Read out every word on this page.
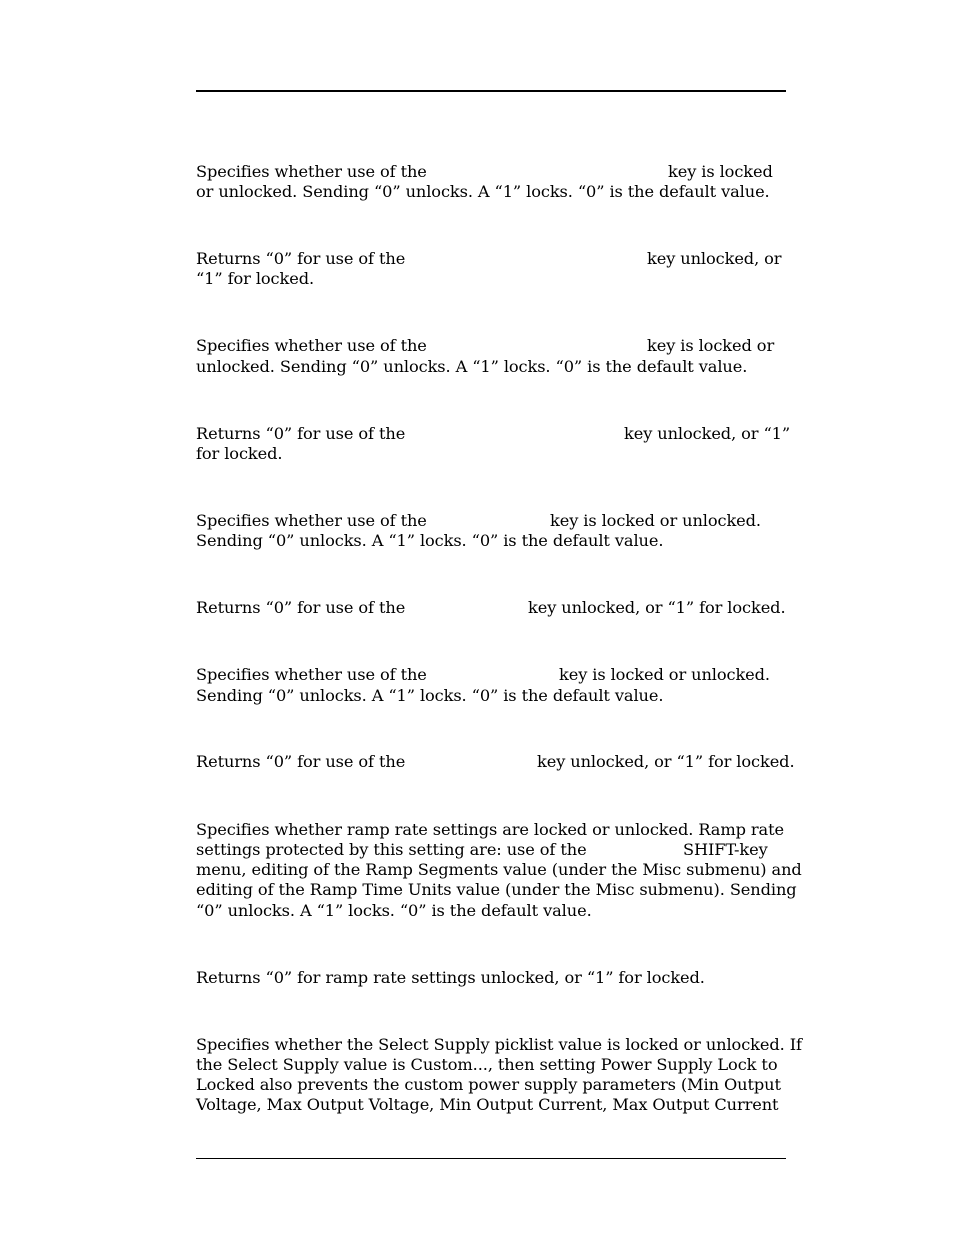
Specifies whether use of the	key is locked

or unlocked. Sending “0” unlocks. A “1” locks. “0” is the default value.

Returns “0” for use of the	key unlocked, or

“1” for locked.

Specifies whether use of the	key is locked or

unlocked. Sending “0” unlocks. A “1” locks. “0” is the default value.

Returns “0” for use of the	key unlocked, or “1”

for locked.

Specifies whether use of the	key is locked or unlocked.

Sending “0” unlocks. A “1” locks. “0” is the default value.

Returns “0” for use of the	key unlocked, or “1” for locked.

Specifies whether use of the	key is locked or unlocked.

Sending “0” unlocks. A “1” locks. “0” is the default value.

Returns “0” for use of the	key unlocked, or “1” for locked.

Specifies whether ramp rate settings are locked or unlocked. Ramp rate

settings protected by this setting are: use of the	SHIFT-key

menu, editing of the Ramp Segments value (under the Misc submenu) and

editing of the Ramp Time Units value (under the Misc submenu). Sending

“0” unlocks. A “1” locks. “0” is the default value.

Returns “0” for ramp rate settings unlocked, or “1” for locked.

Specifies whether the Select Supply picklist value is locked or unlocked. If

the Select Supply value is Custom..., then setting Power Supply Lock to

Locked also prevents the custom power supply parameters (Min Output

Voltage, Max Output Voltage, Min Output Current, Max Output Current
